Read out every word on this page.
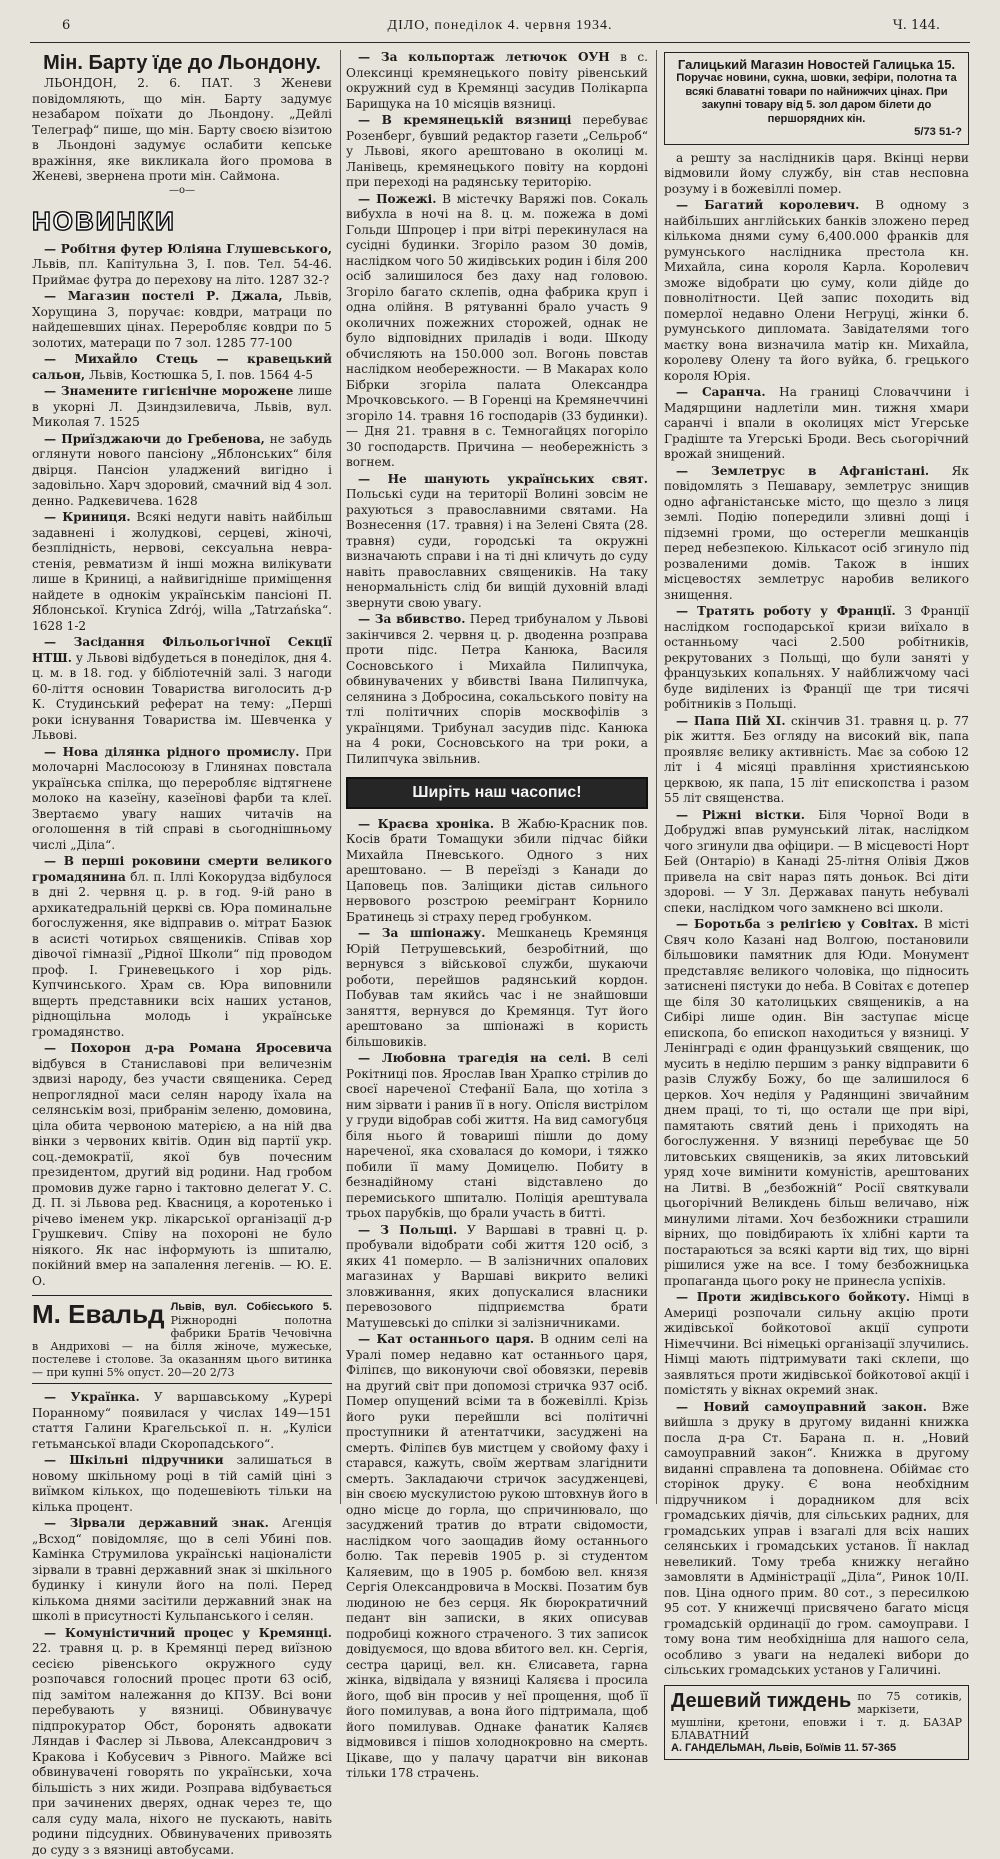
6	ДІЛО, понеділок 4. червня 1934.	Ч. 144.
Мін. Барту їде до Льондону.

ЛЬОНДОН, 2. 6. ПАТ. З Женеви повідомляють, що мін. Барту задумує незабаром поїхати до Льондону. „Дейлі Телеграф“ пише, що мін. Барту своєю візитою в Льондоні задумує ослабити кепське вражіння, яке викликала його промова в Женеві, звернена проти мін. Саймона.

—о—
НОВИНКИ

— Робітня футер Юліяна Глушевського, Львів, пл. Капітульна 3, І. пов. Тел. 54-46. Приймає футра до перехову на літо. 1287 32-?

— Магазин постелі Р. Джала, Львів, Хорущина 3, поручає: ковдри, матраци по найдешевших цінах. Переробляє ковдри по 5 золотих, матераци по 7 зол. 1285 77-100

— Михайло Стець — кравецький сальон, Львів, Костюшка 5, І. пов. 1564 4-5

— Знамените гигієнічне морожене лише в укорні Л. Дзиндзилевича, Львів, вул. Миколая 7. 1525

— Приїзджаючи до Гребенова, не забудь оглянути нового пансіону „Яблонських“ біля двірця. Пансіон уладжений вигідно і задовільно. Харч здоровий, смачний від 4 зол. денно. Радкевичева. 1628

— Криниця. Всякі недуги навіть найбільш задавнені і жолудкові, серцеві, жіночі, безплідність, нервові, сексуальна невра-стенія, ревматизм й інші можна вилікувати лише в Криниці, а найвигідніше приміщення найдете в однокім українськім пансіоні П. Яблонської. Krynica Zdrój, willa „Tatrzańska“. 1628 1-2

— Засідання Фільольогічної Секції НТШ. у Львові відбудеться в понеділок, дня 4. ц. м. в 18. год. у бібліотечній залі. З нагоди 60-ліття основин Товариства виголосить д-р К. Студинський реферат на тему: „Перші роки існування Товариства ім. Шевченка у Львові.

— Нова ділянка рідного промислу. При молочарні Маслосоюзу в Глинянах повстала українська спілка, що переробляє відтягнене молоко на казеїну, казеїнові фарби та клеї. Звертаємо увагу наших читачів на оголошення в тій справі в сьогоднішньому числі „Діла“.

— В перші роковини смерти великого громадянина бл. п. Іллі Кокорудза відбулося в дні 2. червня ц. р. в год. 9-ій рано в архикатедральній церкві св. Юра поминальне богослуження, яке відправив о. мітрат Базюк в асисті чотирьох священиків. Співав хор дівочої гімназії „Рідної Школи“ під проводом проф. І. Гриневецького і хор рідь. Купчинського. Храм св. Юра виповнили вщерть представники всіх наших установ, ріднощільна молодь і українське громадянство.

— Похорон д-ра Романа Яросевича відбувся в Станиславові при величезнім здвизі народу, без участи священика. Серед непроглядної маси селян народу їхала на селянськім возі, прибранім зеленю, домовина, ціла обита червоною матерією, а на ній два вінки з червоних квітів. Один від партії укр. соц.-демократії, якої був почесним президентом, другий від родини. Над гробом промовив дуже гарно і тактовно делегат У. С. Д. П. зі Львова ред. Квасниця, а коротенько і річево іменем укр. лікарської організації д-р Грушкевич. Співу на похороні не було ніякого. Як нас інформують із шпиталю, покійний вмер на запалення легенів. — Ю. Е. О.

М. Евальд Львів, вул. Собієського 5. Ріжнородні полотна фабрики Братів Чечовічна в Андрихові — на білля жіноче, мужеське, постелеве і столове. За оказанням цього витинка — при купні 5% опуст. 20—20 2/73

— Українка. У варшавському „Курері Поранному“ появилася у числах 149—151 стаття Галини Крагельської п. н. „Куліси гетьманської влади Скоропадського“.

— Шкільні підручники залишаться в новому шкільному році в тій самій ціні з виїмком кількох, що подешевіють тільки на кілька процент.

— Зірвали державний знак. Агенція „Всход“ повідомляє, що в селі Убині пов. Камінка Струмилова українські націоналісти зірвали в травні державний знак зі шкільного будинку і кинули його на полі. Перед кількома днями засітили державний знак на школі в присутності Кульпанського і селян.

— Комуністичний процес у Кремянці. 22. травня ц. р. в Кремянці перед виїзною сесією рівенського окружного суду розпочався голосний процес проти 63 осіб, під замітом належання до КПЗУ. Всі вони перебувають у вязниці. Обвинувачує підпрокуратор Обст, боронять адвокати Ляндав і Фаслер зі Львова, Александрович з Кракова і Кобусевич з Рівного. Майже всі обвинувачені говорять по українськи, хоча більшість з них жиди. Розправа відбувається при зачинених дверях, однак через те, що саля суду мала, ніхого не пускають, навіть родини підсудних. Обвинувачених привозять до суду з з вязниці автобусами.

— За кольпортаж летючок ОУН в с. Олексинці кремянецького повіту рівенський окружний суд в Кремянці засудив Полікарпа Барищука на 10 місяців вязниці.

— В кремянецькій вязниці перебуває Розенберг, бувший редактор газети „Сельроб“ у Львові, якого арештовано в околиці м. Ланівець, кремянецького повіту на кордоні при переході на радянську територію.

— Пожежі. В містечку Варяжі пов. Сокаль вибухла в ночі на 8. ц. м. пожежа в домі Гольди Шпроцер і при вітрі перекинулася на сусідні будинки. Згоріло разом 30 домів, наслідком чого 50 жидівських родин і біля 200 осіб залишилося без даху над головою. Згоріло багато склепів, одна фабрика круп і одна олійня. В рятуванні брало участь 9 околичних пожежних сторожей, однак не було відповідних приладів і води. Шкоду обчисляють на 150.000 зол. Вогонь повстав наслідком необережности. — В Макарах коло Бібрки згоріла палата Олександра Мрочковського. — В Горенці на Кремянеччині згоріло 14. травня 16 господарів (33 будинки). — Дня 21. травня в с. Темногайцях погоріло 30 господарств. Причина — необережність з вогнем.

— Не шанують українських свят. Польські суди на території Волині зовсім не рахуються з православними святами. На Вознесення (17. травня) і на Зелені Свята (28. травня) суди, городські та окружні визначають справи і на ті дні кличуть до суду навіть православних священиків. На таку ненормальність слід би вищій духовній владі звернути свою увагу.

— За вбивство. Перед трибуналом у Львові закінчився 2. червня ц. р. дводенна розправа проти підс. Петра Канюка, Василя Сосновського і Михайла Пилипчука, обвинувачених у вбивстві Івана Пилипчука, селянина з Добросина, сокальського повіту на тлі політичних спорів москвофілів з українцями. Трибунал засудив підс. Канюка на 4 роки, Сосновського на три роки, а Пилипчука звільнив.

Ширіть наш часопис!

— Краєва хроніка. В Жабю-Красник пов. Косів брати Томащуки збили підчас бійки Михайла Пневського. Одного з них арештовано. — В переїзді з Канади до Цаповець пов. Заліщики дістав сильного нервового розстрою реемігрант Корнило Братинець зі страху перед гробунком.

— За шпіонажу. Мешканець Кремянця Юрій Петрушевський, безробітний, що вернувся з військової служби, шукаючи роботи, перейшов радянський кордон. Побував там якийсь час і не знайшовши заняття, вернувся до Кремянця. Тут його арештовано за шпіонажі в користь більшовиків.

— Любовна трагедія на селі. В селі Рокітниці пов. Ярослав Іван Храпко стрілив до своєї нареченої Стефанії Бала, що хотіла з ним зірвати і ранив її в ногу. Опісля вистрілом у груди відобрав собі життя. На вид самогубця біля нього й товариші пішли до дому нареченої, яка сховалася до комори, і тяжко побили її маму Домицелю. Побиту в безнадійному стані відставлено до перемиського шпиталю. Поліція арештувала трьох парубків, що брали участь в битті.

— З Польщі. У Варшаві в травні ц. р. пробували відобрати собі життя 120 осіб, з яких 41 померло. — В залізничних опалових магазинах у Варшаві викрито великі зловживання, яких допускалися власники перевозового підприємства брати Матушевські до спілки зі залізничниками.

— Кат останнього царя. В одним селі на Уралі помер недавно кат останнього царя, Філіпєв, що виконуючи свої обовязки, перевів на другий світ при допомозі стричка 937 осіб. Помер опущений всіми та в божевіллі. Крізь його руки перейшли всі політичні проступники й атентатчики, засуджені на смерть. Філіпєв був мистцем у свойому фаху і старався, кажуть, своїм жертвам злагіднити смерть. Закладаючи стричок засудженцеві, він своєю мускулистою рукою штовхнув його в одно місце до горла, що спричинювало, що засуджений тратив до втрати свідомости, наслідком чого заощадив йому останнього болю. Так перевів 1905 р. зі студентом Каляевим, що в 1905 р. бомбою вел. князя Сергія Олександровича в Москві. Позатим був людиною не без серця. Як бюрократичний педант він записки, в яких описував подробиці кожного страченого. З тих записок довідуємося, що вдова вбитого вел. кн. Сергія, сестра цариці, вел. кн. Єлисавета, гарна жінка, відвідала у вязниці Каляєва і просила його, щоб він просив у неї прощення, щоб її його помилував, а вона його підтримала, щоб його помилував. Однаке фанатик Каляєв відмовився і пішов холоднокровно на смерть. Цікаве, що у палачу царатчи він виконав тільки 178 страчень.

Галицький Магазин Новостей Галицька 15.
Поручає новини, сукна, шовки, зефіри, полотна та всякі блаватні товари по найнижчих цінах. При закупні товару від 5. зол даром білети до першорядних кін.
5/73 51-?

а решту за наслідників царя. Вкінці нерви відмовили йому службу, він став несповна розуму і в божевіллі помер.

— Багатий королевич. В одному з найбільших англійських банків зложено перед кількома днями суму 6,400.000 франків для румунського наслідника престола кн. Михайла, сина короля Карла. Королевич зможе відобрати цю суму, коли дійде до повнолітности. Цей запис походить від померлої недавно Олени Негруці, жінки б. румунського дипломата. Завідателями того маєтку вона визначила матір кн. Михайла, королеву Олену та його вуйка, б. грецького короля Юрія.

— Саранча. На границі Словаччини і Мадярщини надлетіли мин. тижня хмари саранчі і впали в околицях міст Угерське Градіште та Угерські Броди. Весь сьогорічний врожай знищений.

— Землетрус в Афганістані. Як повідомлять з Пешавару, землетрус знищив одно афганістанське місто, що щезло з лиця землі. Подію попередили зливні дощі і підземні громи, що остерегли мешканців перед небезпекою. Кількасот осіб згинуло під розваленими домів. Також в інших місцевостях землетрус наробив великого знищення.

— Тратять роботу у Франції. З Франції наслідком господарської кризи виїхало в останньому часі 2.500 робітників, рекрутованих з Польщі, що були заняті у французьких копальнях. У найближчому часі буде виділених із Франції ще три тисячі робітників з Польщі.

— Папа Пій XI. скінчив 31. травня ц. р. 77 рік життя. Без огляду на високий вік, папа проявляє велику активність. Має за собою 12 літ і 4 місяці правління християнською церквою, як папа, 15 літ епископства і разом 55 літ священства.

— Ріжні вістки. Біля Чорної Води в Добруджі впав румунський літак, наслідком чого згинули два офіцири. — В місцевості Норт Бей (Онтаріо) в Канаді 25-літня Олівія Джов привела на світ нараз пять доньок. Всі діти здорові. — У Зл. Державах пануть небувалі спеки, наслідком чого замкнено всі школи.

— Боротьба з релігією у Совітах. В місті Свяч коло Казані над Волгою, постановили більшовики памятник для Юди. Монумент представляє великого чоловіка, що підносить затиснені пястуки до неба. В Совітах є дотепер ще біля 30 католицьких священиків, а на Сибірі лише один. Він заступає місце епископа, бо епископ находиться у вязниці. У Ленінграді є один французький священик, що мусить в неділю першим з ранку відправити 6 разів Службу Божу, бо ще залишилося 6 церков. Хоч неділя у Радянщині звичайним днем праці, то ті, що остали ще при вірі, памятають святий день і приходять на богослуження. У вязниці перебуває ще 50 литовських священиків, за яких литовський уряд хоче вимінити комуністів, арештованих на Литві. В „безбожній“ Росії святкували цьогорічний Великдень більш величаво, ніж минулими літами. Хоч безбожники страшили вірних, що повідбирають їх хлібні карти та постараються за всякі карти від тих, що вірні рішилися уже на все. І тому безбожницька пропаганда цього року не принесла успіхів.

— Проти жидівського бойкоту. Німці в Америці розпочали сильну акцію проти жидівської бойкотової акції супроти Німеччини. Всі німецькі організації злучились. Німці мають підтримувати такі склепи, що заявляться проти жидівської бойкотової акції і помістять у вікнах окремий знак.

— Новий самоуправний закон. Вже вийшла з друку в другому виданні книжка посла д-ра Ст. Барана п. н. „Новий самоуправний закон“. Книжка в другому виданні справлена та доповнена. Обіймає сто сторінок друку. Є вона необхідним підручником і дорадником для всіх громадських діячів, для сільських радних, для громадських управ і взагалі для всіх наших селянських і громадських установ. Її наклад невеликий. Тому треба книжку негайно замовляти в Адміністрації „Діла“, Ринок 10/ІІ. пов. Ціна одного прим. 80 сот., з пересилкою 95 сот. У книжечці присвячено багато місця громадській ординації до гром. самоуправи. І тому вона тим необхідніша для нашого села, особливо з уваги на недалекі вибори до сільських громадських установ у Галичині.

Дешевий тиждень по 75 сотиків, маркізети, мушліни, кретони, еповжи і т. д. БАЗАР БЛАВАТНИЙ
А. ГАНДЕЛЬМАН, Львів, Боїмів 11. 57-365
